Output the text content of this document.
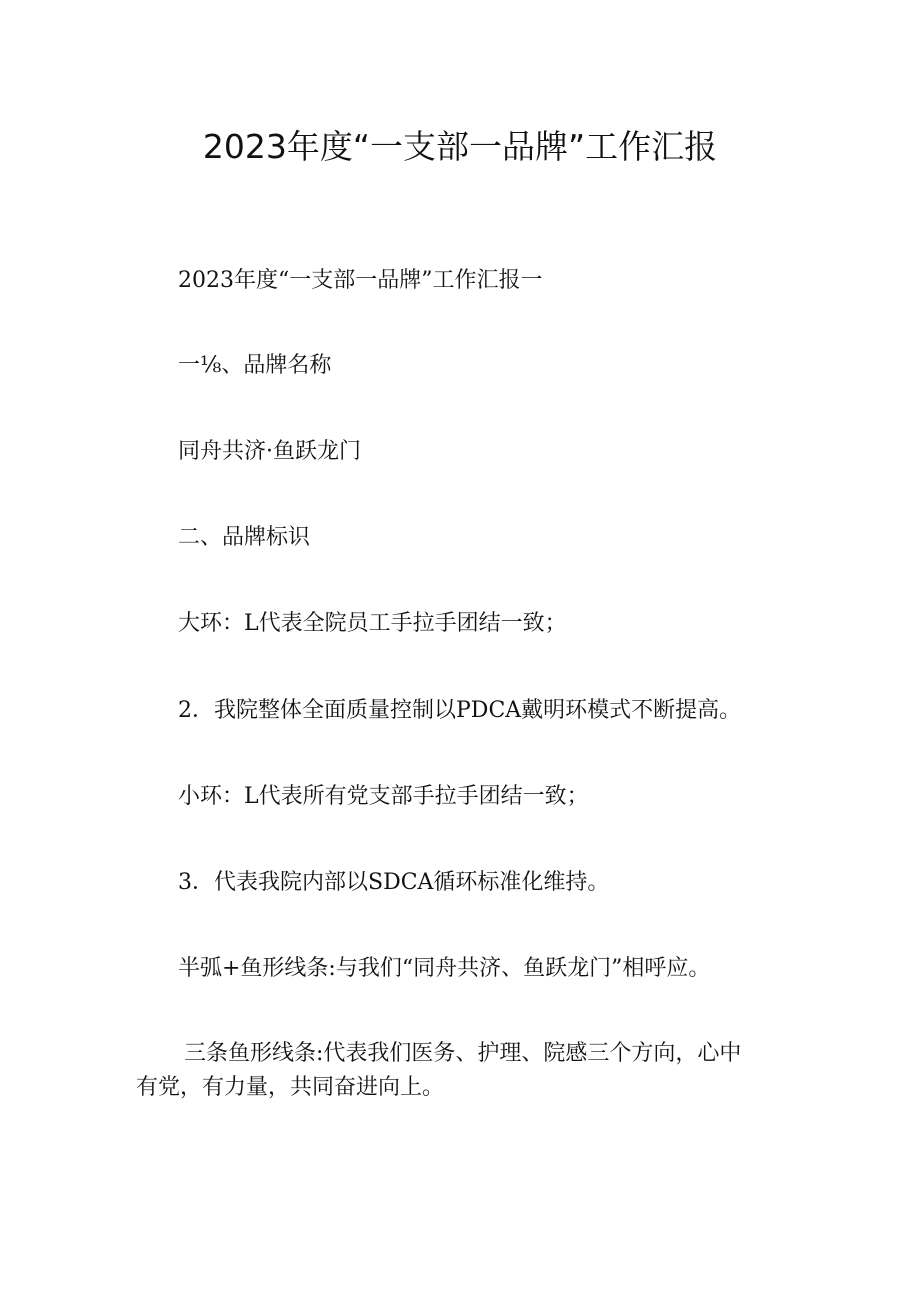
2023年度“一支部一品牌”工作汇报
2023年度“一支部一品牌”工作汇报一
一⅛、品牌名称
同舟共济·鱼跃龙门
二、品牌标识
大环：L代表全院员工手拉手团结一致；
2．我院整体全面质量控制以PDCA戴明环模式不断提高。
小环：L代表所有党支部手拉手团结一致；
3．代表我院内部以SDCA循环标准化维持。
半弧+鱼形线条:与我们“同舟共济、鱼跃龙门”相呼应。
三条鱼形线条:代表我们医务、护理、院感三个方向，心中
有党，有力量，共同奋进向上。
